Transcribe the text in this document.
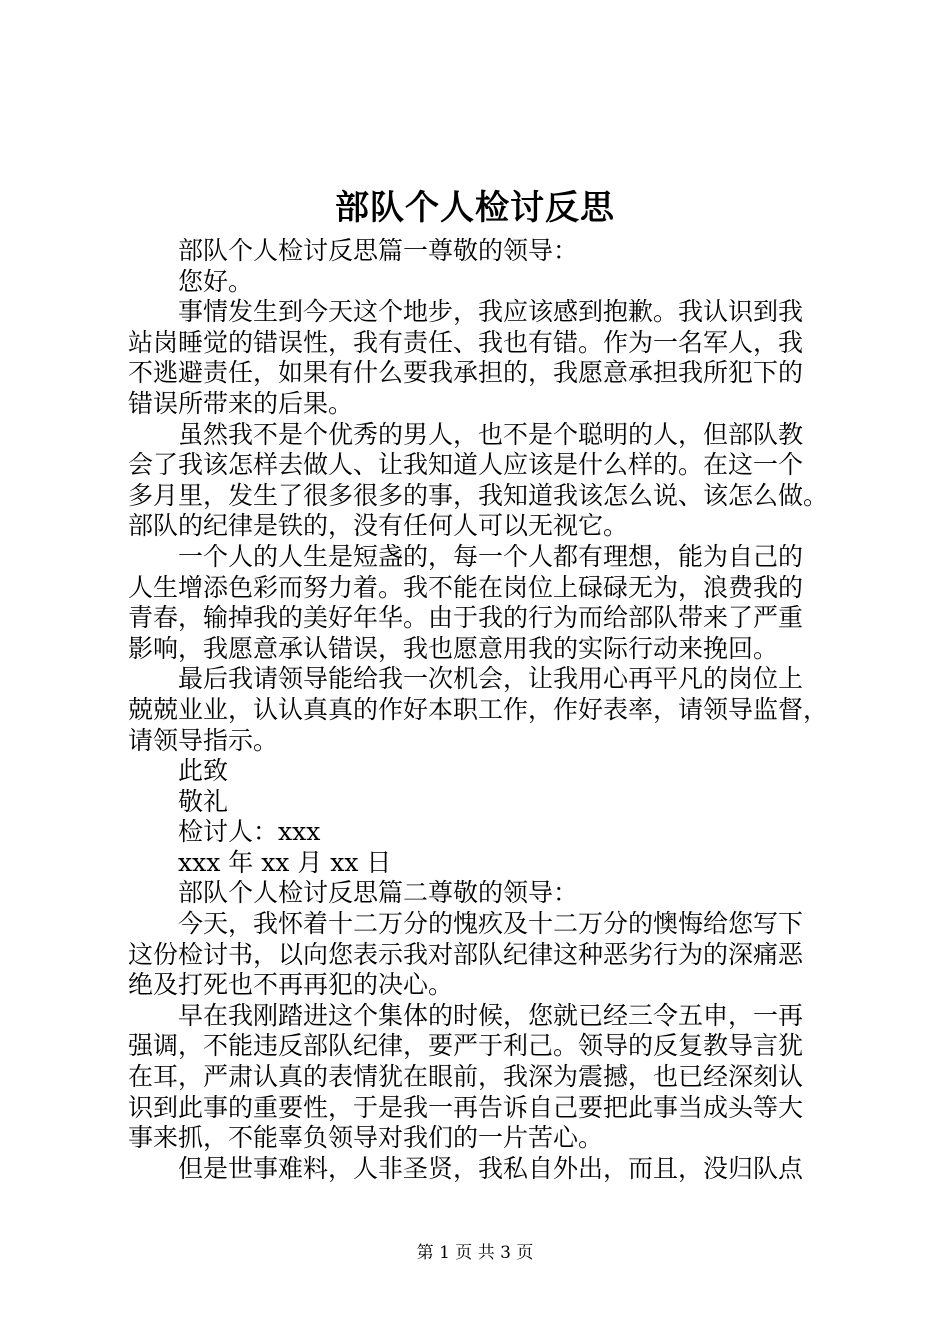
部队个人检讨反思
部队个人检讨反思篇一尊敬的领导：
您好。
事情发生到今天这个地步，我应该感到抱歉。我认识到我
站岗睡觉的错误性，我有责任、我也有错。作为一名军人，我
不逃避责任，如果有什么要我承担的，我愿意承担我所犯下的
错误所带来的后果。
虽然我不是个优秀的男人，也不是个聪明的人，但部队教
会了我该怎样去做人、让我知道人应该是什么样的。在这一个
多月里，发生了很多很多的事，我知道我该怎么说、该怎么做。
部队的纪律是铁的，没有任何人可以无视它。
一个人的人生是短盏的，每一个人都有理想，能为自己的
人生增添色彩而努力着。我不能在岗位上碌碌无为，浪费我的
青春，输掉我的美好年华。由于我的行为而给部队带来了严重
影响，我愿意承认错误，我也愿意用我的实际行动来挽回。
最后我请领导能给我一次机会，让我用心再平凡的岗位上
兢兢业业，认认真真的作好本职工作，作好表率，请领导监督，
请领导指示。
此致
敬礼
检讨人：xxx
xxx 年 xx 月 xx 日
部队个人检讨反思篇二尊敬的领导：
今天，我怀着十二万分的愧疚及十二万分的懊悔给您写下
这份检讨书，以向您表示我对部队纪律这种恶劣行为的深痛恶
绝及打死也不再再犯的决心。
早在我刚踏进这个集体的时候，您就已经三令五申，一再
强调，不能违反部队纪律，要严于利己。领导的反复教导言犹
在耳，严肃认真的表情犹在眼前，我深为震撼，也已经深刻认
识到此事的重要性，于是我一再告诉自己要把此事当成头等大
事来抓，不能辜负领导对我们的一片苦心。
但是世事难料，人非圣贤，我私自外出，而且，没归队点
第 1 页 共 3 页
